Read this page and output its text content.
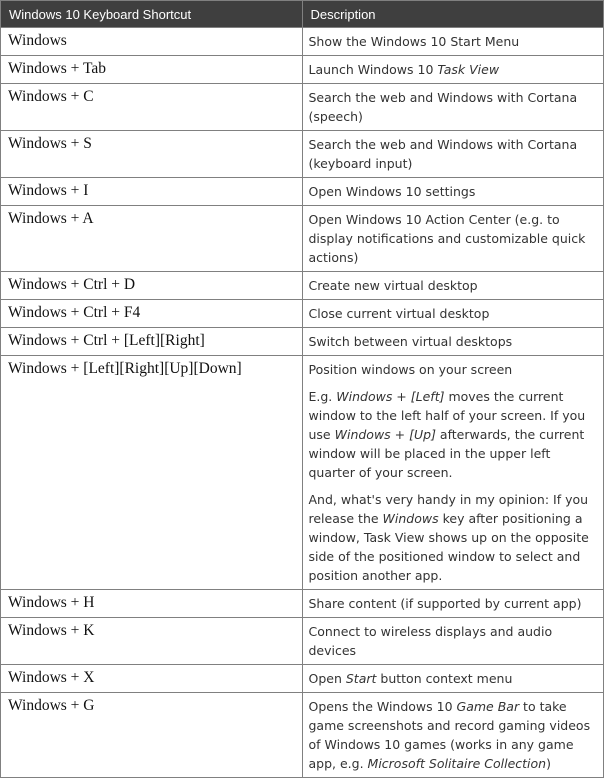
Windows 10 Keyboard Shortcut	Description
Windows	Show the Windows 10 Start Menu
Windows + Tab	Launch Windows 10 Task View
Windows + C	Search the web and Windows with Cortana (speech)
Windows + S	Search the web and Windows with Cortana (keyboard input)
Windows + I	Open Windows 10 settings
Windows + A	Open Windows 10 Action Center (e.g. to display notifications and customizable quick actions)
Windows + Ctrl + D	Create new virtual desktop
Windows + Ctrl + F4	Close current virtual desktop
Windows + Ctrl + [Left][Right]	Switch between virtual desktops
Windows + [Left][Right][Up][Down]	Position windows on your screen

E.g. Windows + [Left] moves the current window to the left half of your screen. If you use Windows + [Up] afterwards, the current window will be placed in the upper left quarter of your screen.

And, what's very handy in my opinion: If you release the Windows key after positioning a window, Task View shows up on the opposite side of the positioned window to select and position another app.

Windows + H	Share content (if supported by current app)
Windows + K	Connect to wireless displays and audio devices
Windows + X	Open Start button context menu
Windows + G	Opens the Windows 10 Game Bar to take game screenshots and record gaming videos of Windows 10 games (works in any game app, e.g. Microsoft Solitaire Collection)
